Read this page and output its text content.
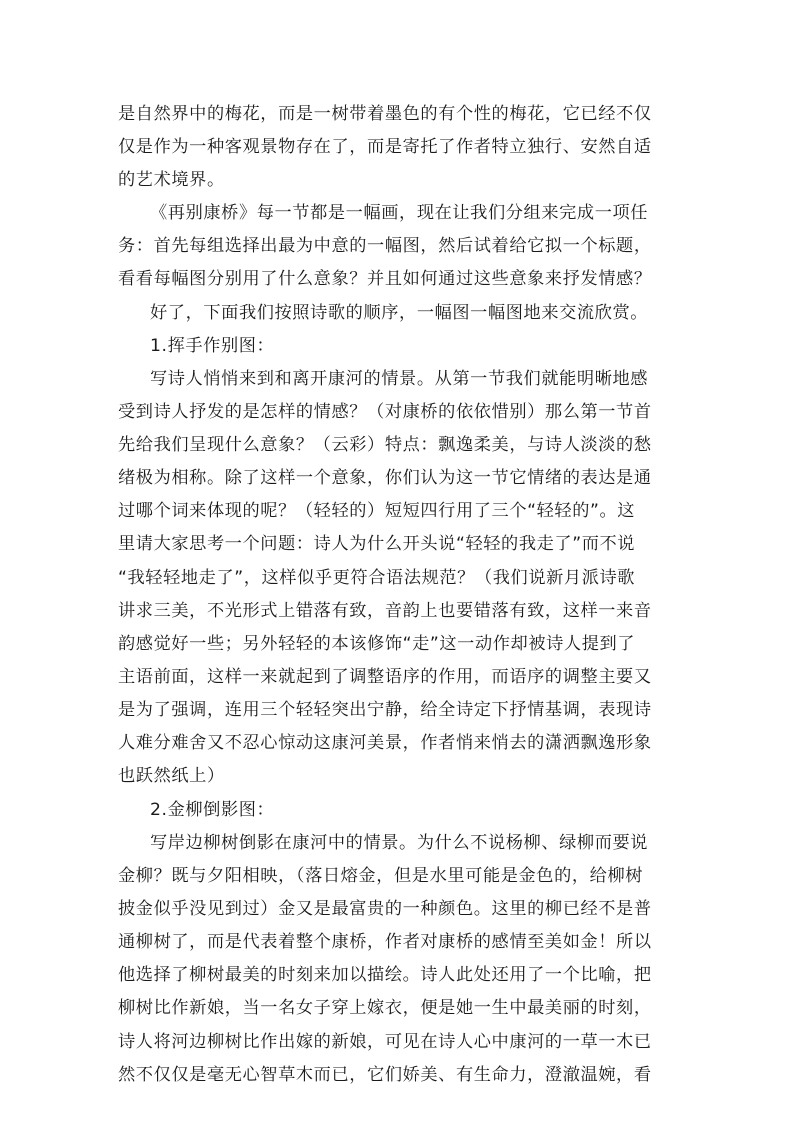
是自然界中的梅花，而是一树带着墨色的有个性的梅花，它已经不仅
仅是作为一种客观景物存在了，而是寄托了作者特立独行、安然自适
的艺术境界。
《再别康桥》每一节都是一幅画，现在让我们分组来完成一项任
务：首先每组选择出最为中意的一幅图，然后试着给它拟一个标题，
看看每幅图分别用了什么意象？并且如何通过这些意象来抒发情感？
好了，下面我们按照诗歌的顺序，一幅图一幅图地来交流欣赏。
1.挥手作别图：
写诗人悄悄来到和离开康河的情景。从第一节我们就能明晰地感
受到诗人抒发的是怎样的情感？（对康桥的依依惜别）那么第一节首
先给我们呈现什么意象？（云彩）特点：飘逸柔美，与诗人淡淡的愁
绪极为相称。除了这样一个意象，你们认为这一节它情绪的表达是通
过哪个词来体现的呢？（轻轻的）短短四行用了三个“轻轻的”。这
里请大家思考一个问题：诗人为什么开头说“轻轻的我走了”而不说
“我轻轻地走了”，这样似乎更符合语法规范？（我们说新月派诗歌
讲求三美，不光形式上错落有致，音韵上也要错落有致，这样一来音
韵感觉好一些；另外轻轻的本该修饰“走”这一动作却被诗人提到了
主语前面，这样一来就起到了调整语序的作用，而语序的调整主要又
是为了强调，连用三个轻轻突出宁静，给全诗定下抒情基调，表现诗
人难分难舍又不忍心惊动这康河美景，作者悄来悄去的潇洒飘逸形象
也跃然纸上）
2.金柳倒影图：
写岸边柳树倒影在康河中的情景。为什么不说杨柳、绿柳而要说
金柳？既与夕阳相映，（落日熔金，但是水里可能是金色的，给柳树
披金似乎没见到过）金又是最富贵的一种颜色。这里的柳已经不是普
通柳树了，而是代表着整个康桥，作者对康桥的感情至美如金！所以
他选择了柳树最美的时刻来加以描绘。诗人此处还用了一个比喻，把
柳树比作新娘，当一名女子穿上嫁衣，便是她一生中最美丽的时刻，
诗人将河边柳树比作出嫁的新娘，可见在诗人心中康河的一草一木已
然不仅仅是毫无心智草木而已，它们娇美、有生命力，澄澈温婉，看
